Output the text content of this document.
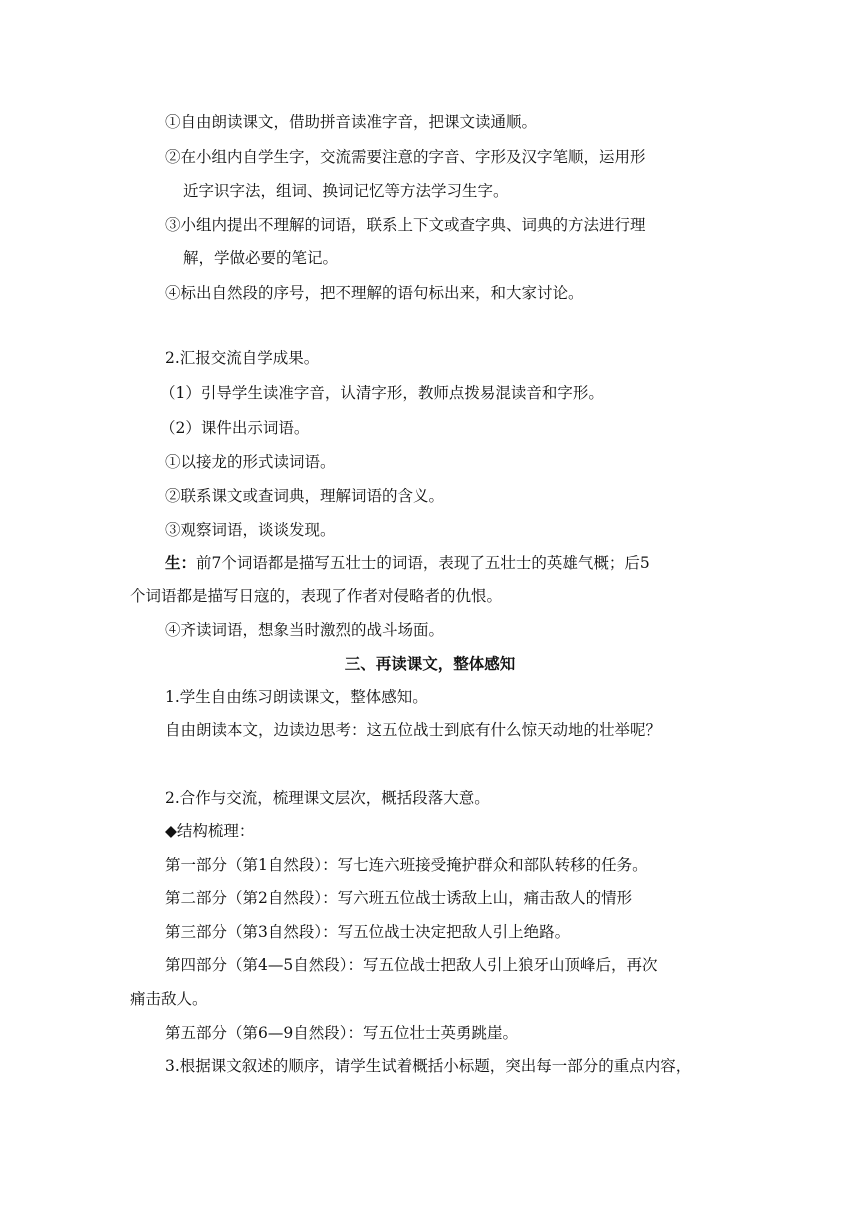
①自由朗读课文，借助拼音读准字音，把课文读通顺。
②在小组内自学生字，交流需要注意的字音、字形及汉字笔顺，运用形
近字识字法，组词、换词记忆等方法学习生字。
③小组内提出不理解的词语，联系上下文或查字典、词典的方法进行理
解，学做必要的笔记。
④标出自然段的序号，把不理解的语句标出来，和大家讨论。
2.汇报交流自学成果。
（1）引导学生读准字音，认清字形，教师点拨易混读音和字形。
（2）课件出示词语。
①以接龙的形式读词语。
②联系课文或查词典，理解词语的含义。
③观察词语，谈谈发现。
生：前7个词语都是描写五壮士的词语，表现了五壮士的英雄气概；后5
个词语都是描写日寇的，表现了作者对侵略者的仇恨。
④齐读词语，想象当时激烈的战斗场面。
三、再读课文，整体感知
1.学生自由练习朗读课文，整体感知。
自由朗读本文，边读边思考：这五位战士到底有什么惊天动地的壮举呢？
2.合作与交流，梳理课文层次，概括段落大意。
◆结构梳理：
第一部分（第1自然段）：写七连六班接受掩护群众和部队转移的任务。
第二部分（第2自然段）：写六班五位战士诱敌上山，痛击敌人的情形
第三部分（第3自然段）：写五位战士决定把敌人引上绝路。
第四部分（第4—5自然段）：写五位战士把敌人引上狼牙山顶峰后，再次
痛击敌人。
第五部分（第6—9自然段）：写五位壮士英勇跳崖。
3.根据课文叙述的顺序，请学生试着概括小标题，突出每一部分的重点内容，
